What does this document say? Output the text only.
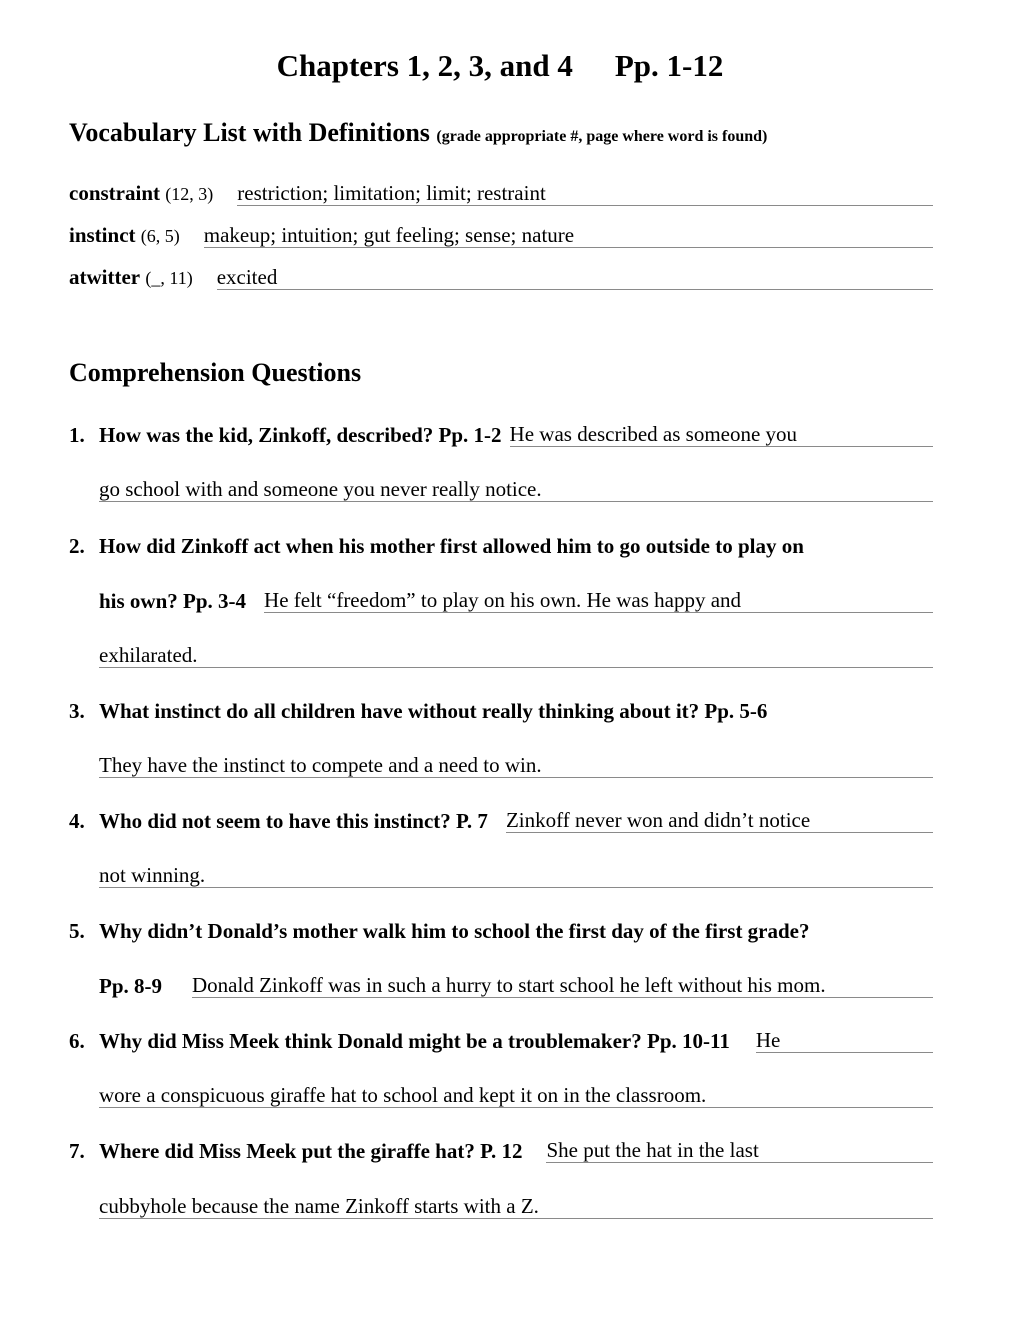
Chapters 1, 2, 3, and 4 Pp. 1-12
Vocabulary List with Definitions (grade appropriate #, page where word is found)
constraint (12, 3)	restriction; limitation; limit; restraint
instinct (6, 5)	makeup; intuition; gut feeling; sense; nature
atwitter (_, 11)	excited
Comprehension Questions
1. How was the kid, Zinkoff, described? Pp. 1-2 He was described as someone you
go school with and someone you never really notice.
2. How did Zinkoff act when his mother first allowed him to go outside to play on
his own? Pp. 3-4 He felt “freedom” to play on his own. He was happy and
exhilarated.
3. What instinct do all children have without really thinking about it? Pp. 5-6
They have the instinct to compete and a need to win.
4. Who did not seem to have this instinct? P. 7 Zinkoff never won and didn’t notice
not winning.
5. Why didn’t Donald’s mother walk him to school the first day of the first grade?
Pp. 8-9	Donald Zinkoff was in such a hurry to start school he left without his mom.
6. Why did Miss Meek think Donald might be a troublemaker? Pp. 10-11	He
wore a conspicuous giraffe hat to school and kept it on in the classroom.
7. Where did Miss Meek put the giraffe hat? P. 12	She put the hat in the last
cubbyhole because the name Zinkoff starts with a Z.
